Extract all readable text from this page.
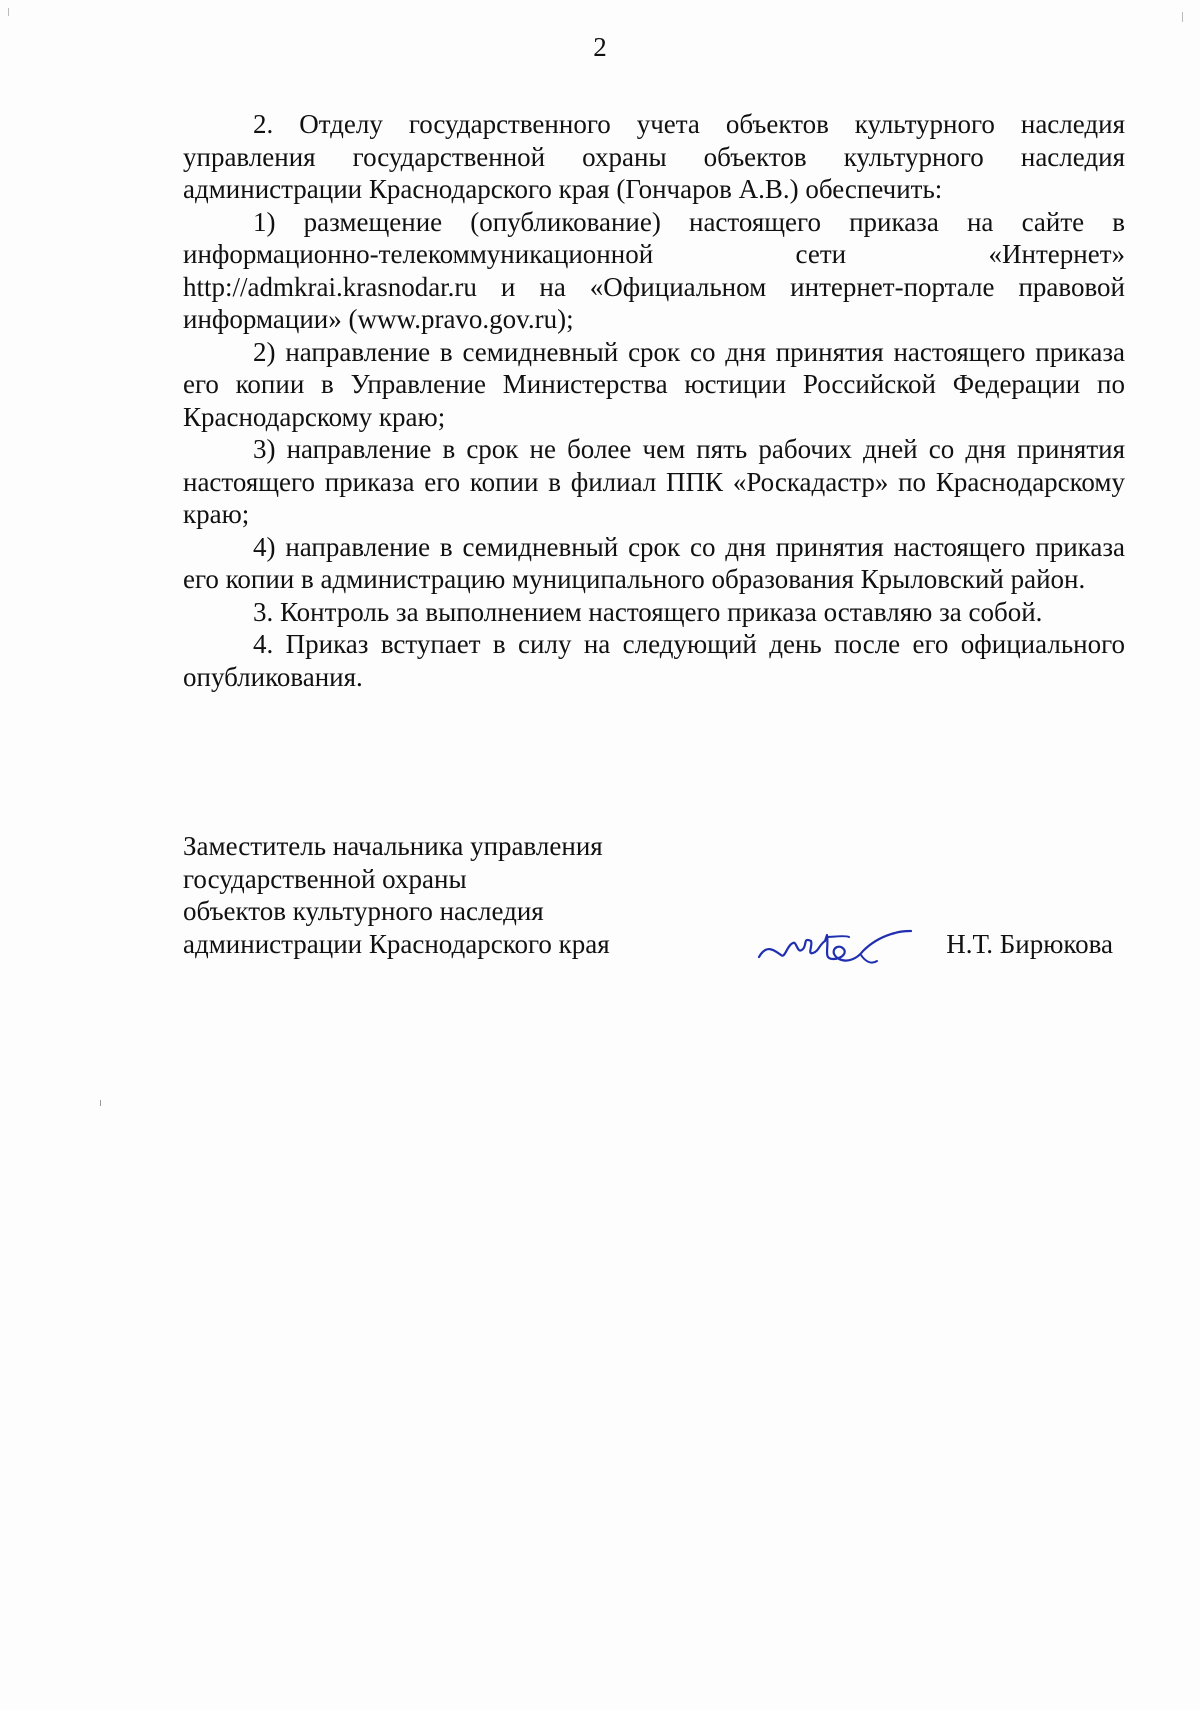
2

2. Отделу государственного учета объектов культурного наследия управления государственной охраны объектов культурного наследия администрации Краснодарского края (Гончаров А.В.) обеспечить:

1) размещение (опубликование) настоящего приказа на сайте в информационно-телекоммуникационной сети «Интернет» http://admkrai.krasnodar.ru и на «Официальном интернет-портале правовой информации» (www.pravo.gov.ru);

2) направление в семидневный срок со дня принятия настоящего приказа его копии в Управление Министерства юстиции Российской Федерации по Краснодарскому краю;

3) направление в срок не более чем пять рабочих дней со дня принятия настоящего приказа его копии в филиал ППК «Роскадастр» по Краснодарскому краю;

4) направление в семидневный срок со дня принятия настоящего приказа его копии в администрацию муниципального образования Крыловский район.

3. Контроль за выполнением настоящего приказа оставляю за собой.

4. Приказ вступает в силу на следующий день после его официального опубликования.

Заместитель начальника управления
государственной охраны
объектов культурного наследия
администрации Краснодарского края	Н.Т. Бирюкова
